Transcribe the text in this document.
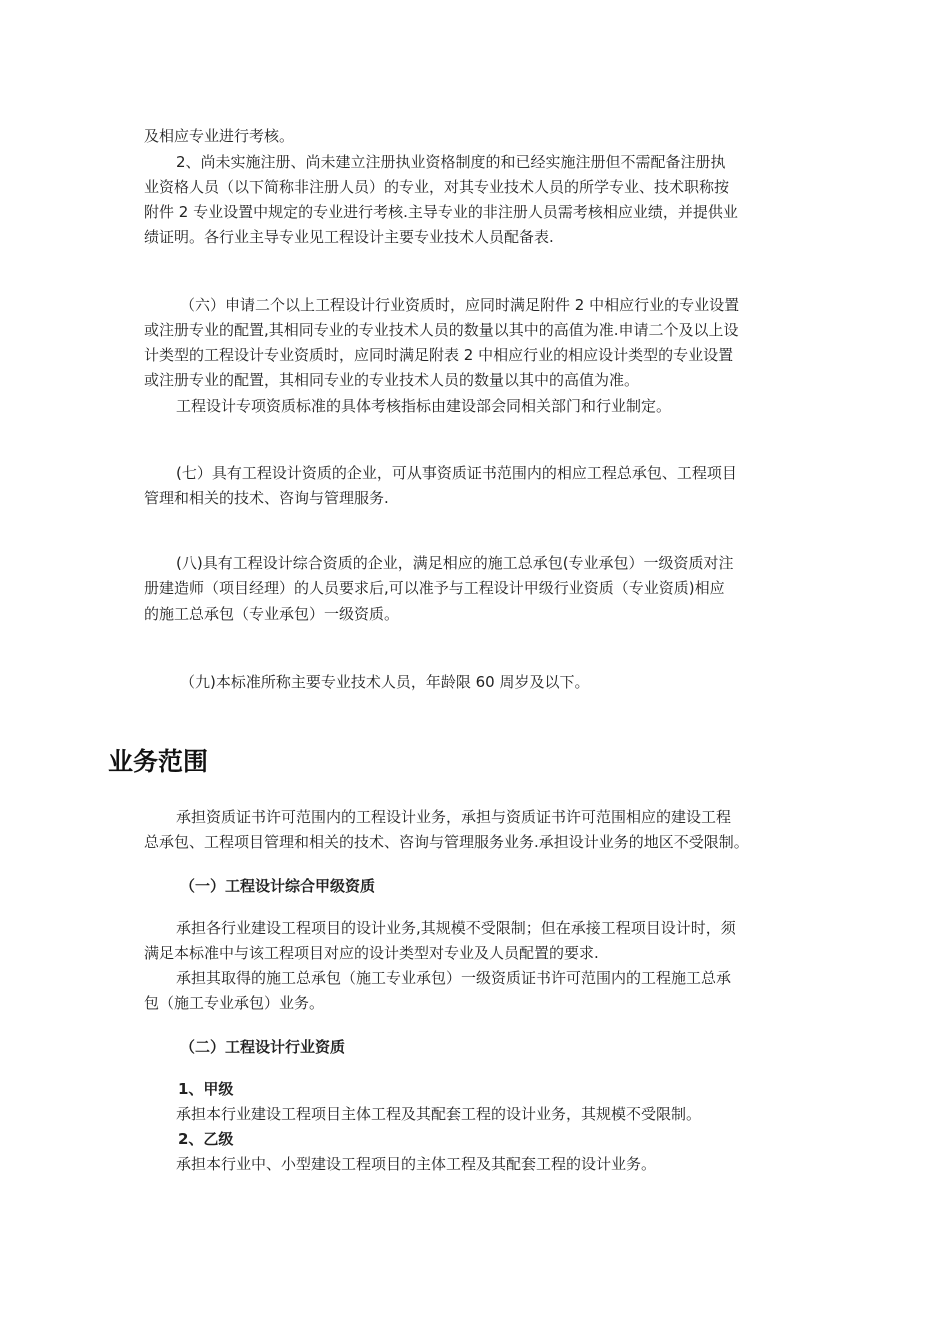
及相应专业进行考核。
2、尚未实施注册、尚未建立注册执业资格制度的和已经实施注册但不需配备注册执
业资格人员（以下简称非注册人员）的专业，对其专业技术人员的所学专业、技术职称按
附件 2 专业设置中规定的专业进行考核.主导专业的非注册人员需考核相应业绩，并提供业
绩证明。各行业主导专业见工程设计主要专业技术人员配备表.
（六）申请二个以上工程设计行业资质时，应同时满足附件 2 中相应行业的专业设置
或注册专业的配置,其相同专业的专业技术人员的数量以其中的高值为准.申请二个及以上设
计类型的工程设计专业资质时，应同时满足附表 2 中相应行业的相应设计类型的专业设置
或注册专业的配置，其相同专业的专业技术人员的数量以其中的高值为准。
工程设计专项资质标准的具体考核指标由建设部会同相关部门和行业制定。
(七）具有工程设计资质的企业，可从事资质证书范围内的相应工程总承包、工程项目
管理和相关的技术、咨询与管理服务.
(八)具有工程设计综合资质的企业，满足相应的施工总承包(专业承包）一级资质对注
册建造师（项目经理）的人员要求后,可以准予与工程设计甲级行业资质（专业资质)相应
的施工总承包（专业承包）一级资质。
（九)本标准所称主要专业技术人员，年龄限 60 周岁及以下。
业务范围
承担资质证书许可范围内的工程设计业务，承担与资质证书许可范围相应的建设工程
总承包、工程项目管理和相关的技术、咨询与管理服务业务.承担设计业务的地区不受限制。
（一）工程设计综合甲级资质
承担各行业建设工程项目的设计业务,其规模不受限制；但在承接工程项目设计时，须
满足本标准中与该工程项目对应的设计类型对专业及人员配置的要求.
承担其取得的施工总承包（施工专业承包）一级资质证书许可范围内的工程施工总承
包（施工专业承包）业务。
（二）工程设计行业资质
1、甲级
承担本行业建设工程项目主体工程及其配套工程的设计业务，其规模不受限制。
2、乙级
承担本行业中、小型建设工程项目的主体工程及其配套工程的设计业务。
